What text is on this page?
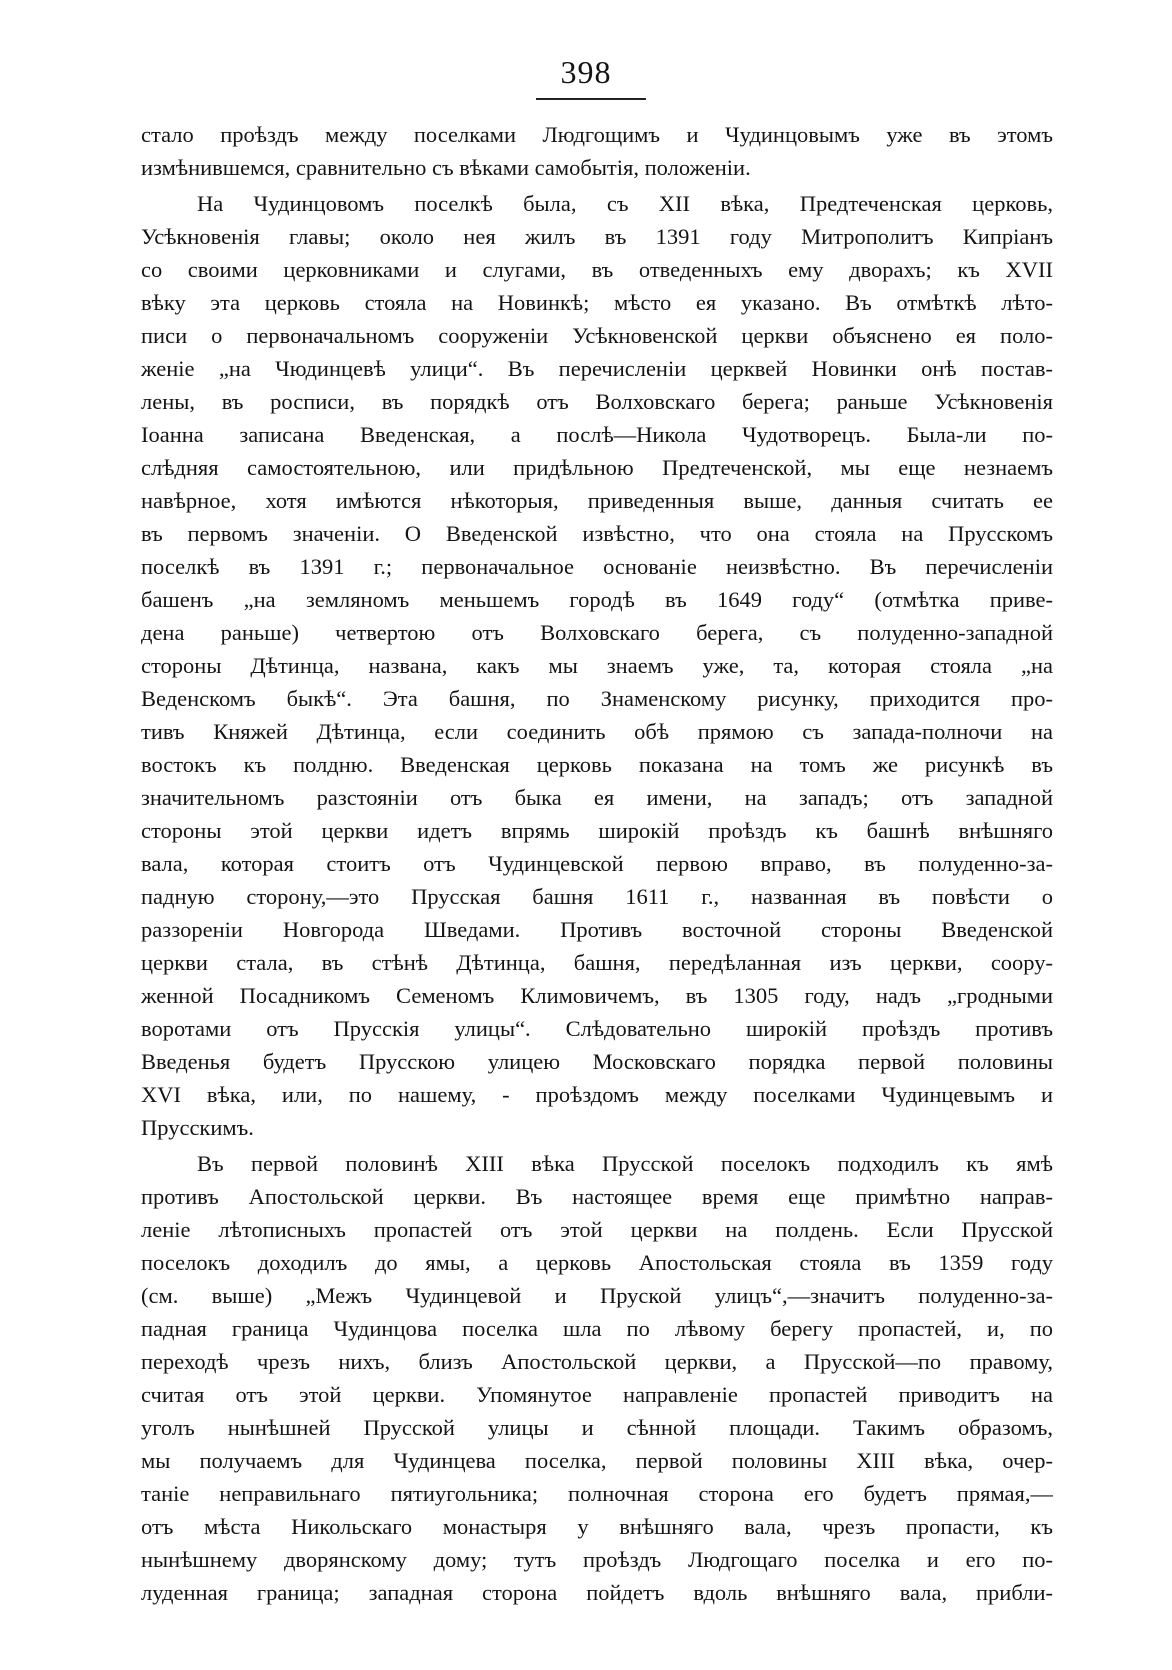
398
стало проѣздъ между поселками Людгощимъ и Чудинцовымъ уже въ этомъ
измѣнившемся, сравнительно съ вѣками самобытія, положеніи.
На Чудинцовомъ поселкѣ была, съ XII вѣка, Предтеченская церковь,
Усѣкновенія главы; около нея жилъ въ 1391 году Митрополитъ Кипріанъ
со своими церковниками и слугами, въ отведенныхъ ему дворахъ; къ XVII
вѣку эта церковь стояла на Новинкѣ; мѣсто ея указано. Въ отмѣткѣ лѣто-
писи о первоначальномъ сооруженіи Усѣкновенской церкви объяснено ея поло-
женіе „на Чюдинцевѣ улици“. Въ перечисленіи церквей Новинки онѣ постав-
лены, въ росписи, въ порядкѣ отъ Волховскаго берега; раньше Усѣкновенія
Іоанна записана Введенская, а послѣ—Никола Чудотворецъ. Была-ли по-
слѣдняя самостоятельною, или придѣльною Предтеченской, мы еще незнаемъ
навѣрное, хотя имѣются нѣкоторыя, приведенныя выше, данныя считать ее
въ первомъ значеніи. О Введенской извѣстно, что она стояла на Прусскомъ
поселкѣ въ 1391 г.; первоначальное основаніе неизвѣстно. Въ перечисленіи
башенъ „на земляномъ меньшемъ городѣ въ 1649 году“ (отмѣтка приве-
дена раньше) четвертою отъ Волховскаго берега, съ полуденно-западной
стороны Дѣтинца, названа, какъ мы знаемъ уже, та, которая стояла „на
Веденскомъ быкѣ“. Эта башня, по Знаменскому рисунку, приходится про-
тивъ Княжей Дѣтинца, если соединить обѣ прямою съ запада-полночи на
востокъ къ полдню. Введенская церковь показана на томъ же рисункѣ въ
значительномъ разстояніи отъ быка ея имени, на западъ; отъ западной
стороны этой церкви идетъ впрямь широкій проѣздъ къ башнѣ внѣшняго
вала, которая стоитъ отъ Чудинцевской первою вправо, въ полуденно-за-
падную сторону,—это Прусская башня 1611 г., названная въ повѣсти о
раззореніи Новгорода Шведами. Противъ восточной стороны Введенской
церкви стала, въ стѣнѣ Дѣтинца, башня, передѣланная изъ церкви, соору-
женной Посадникомъ Семеномъ Климовичемъ, въ 1305 году, надъ „гродными
воротами отъ Прусскія улицы“. Слѣдовательно широкій проѣздъ противъ
Введенья будетъ Прусскою улицею Московскаго порядка первой половины
XVI вѣка, или, по нашему, - проѣздомъ между поселками Чудинцевымъ и
Прусскимъ.
Въ первой половинѣ XIII вѣка Прусской поселокъ подходилъ къ ямѣ
противъ Апостольской церкви. Въ настоящее время еще примѣтно направ-
леніе лѣтописныхъ пропастей отъ этой церкви на полдень. Если Прусской
поселокъ доходилъ до ямы, а церковь Апостольская стояла въ 1359 году
(см. выше) „Межъ Чудинцевой и Пруской улицъ“,—значитъ полуденно-за-
падная граница Чудинцова поселка шла по лѣвому берегу пропастей, и, по
переходѣ чрезъ нихъ, близъ Апостольской церкви, а Прусской—по правому,
считая отъ этой церкви. Упомянутое направленіе пропастей приводитъ на
уголъ нынѣшней Прусской улицы и сѣнной площади. Такимъ образомъ,
мы получаемъ для Чудинцева поселка, первой половины XIII вѣка, очер-
таніе неправильнаго пятиугольника; полночная сторона его будетъ прямая,—
отъ мѣста Никольскаго монастыря у внѣшняго вала, чрезъ пропасти, къ
нынѣшнему дворянскому дому; тутъ проѣздъ Людгощаго поселка и его по-
луденная граница; западная сторона пойдетъ вдоль внѣшняго вала, прибли-
